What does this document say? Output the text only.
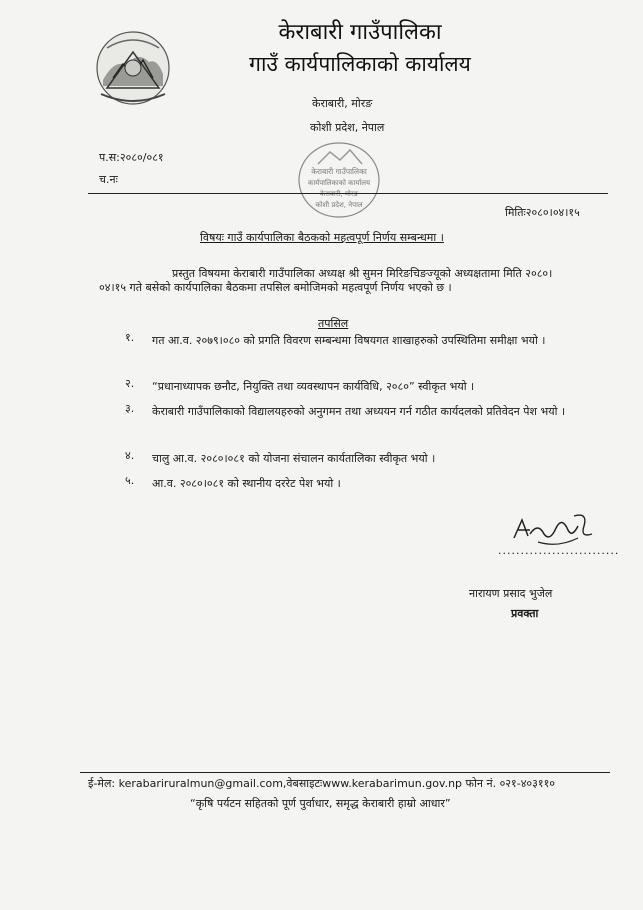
केराबारी गाउँपालिका
गाउँ कार्यपालिकाको कार्यालय
केराबारी, मोरङ
कोशी प्रदेश, नेपाल
प.स:२०८०/०८१
च.नः
केराबारी गाउँपालिका
कार्यपालिकाको कार्यालय
केराबारी, मोरङ
कोशी प्रदेश, नेपाल
मितिः२०८०।०४।१५
विषयः गाउँ कार्यपालिका बैठकको महत्वपूर्ण निर्णय सम्बन्धमा ।
प्रस्तुत विषयमा केराबारी गाउँपालिका अध्यक्ष श्री सुमन मिरिङचिङज्यूको अध्यक्षतामा मिति २०८०।०४।१५ गते बसेको कार्यपालिका बैठकमा तपसिल बमोजिमको महत्वपूर्ण निर्णय भएको छ ।
तपसिल
१. गत आ.व. २०७९।०८० को प्रगति विवरण सम्बन्धमा विषयगत शाखाहरुको उपस्थितिमा समीक्षा भयो ।
२. “प्रधानाध्यापक छनौट, नियुक्ति तथा व्यवस्थापन कार्यविधि, २०८०” स्वीकृत भयो ।
३. केराबारी गाउँपालिकाको विद्यालयहरुको अनुगमन तथा अध्ययन गर्न गठीत कार्यदलको प्रतिवेदन पेश भयो ।
४. चालु आ.व. २०८०।०८१ को योजना संचालन कार्यतालिका स्वीकृत भयो ।
५. आ.व. २०८०।०८१ को स्थानीय दररेट पेश भयो ।
...........................
नारायण प्रसाद भुजेल
प्रवक्ता
ई-मेल: kerabariruralmun@gmail.com,वेबसाइटःwww.kerabarimun.gov.np फोन नं. ०२१-४०३११०
“कृषि पर्यटन सहितको पूर्ण पुर्वाधार, समृद्ध केराबारी हाम्रो आधार”
